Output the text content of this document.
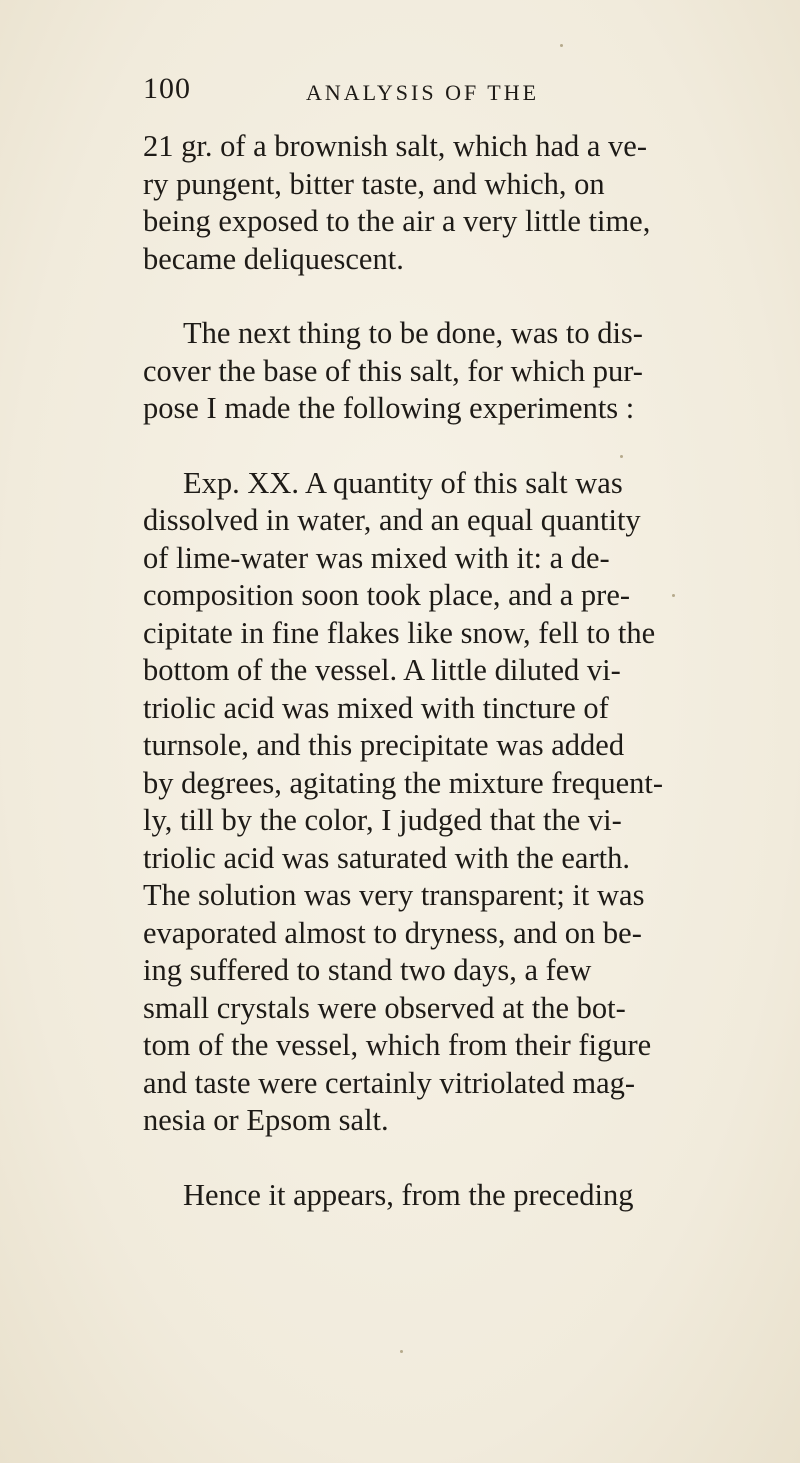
100	ANALYSIS OF THE

21 gr. of a brownish salt, which had a ve-
ry pungent, bitter taste, and which, on
being exposed to the air a very little time,
became deliquescent.

The next thing to be done, was to dis-
cover the base of this salt, for which pur-
pose I made the following experiments :

Exp. XX. A quantity of this salt was
dissolved in water, and an equal quantity
of lime-water was mixed with it: a de-
composition soon took place, and a pre-
cipitate in fine flakes like snow, fell to the
bottom of the vessel. A little diluted vi-
triolic acid was mixed with tincture of
turnsole, and this precipitate was added
by degrees, agitating the mixture frequent-
ly, till by the color, I judged that the vi-
triolic acid was saturated with the earth.
The solution was very transparent; it was
evaporated almost to dryness, and on be-
ing suffered to stand two days, a few
small crystals were observed at the bot-
tom of the vessel, which from their figure
and taste were certainly vitriolated mag-
nesia or Epsom salt.

Hence it appears, from the preceding
